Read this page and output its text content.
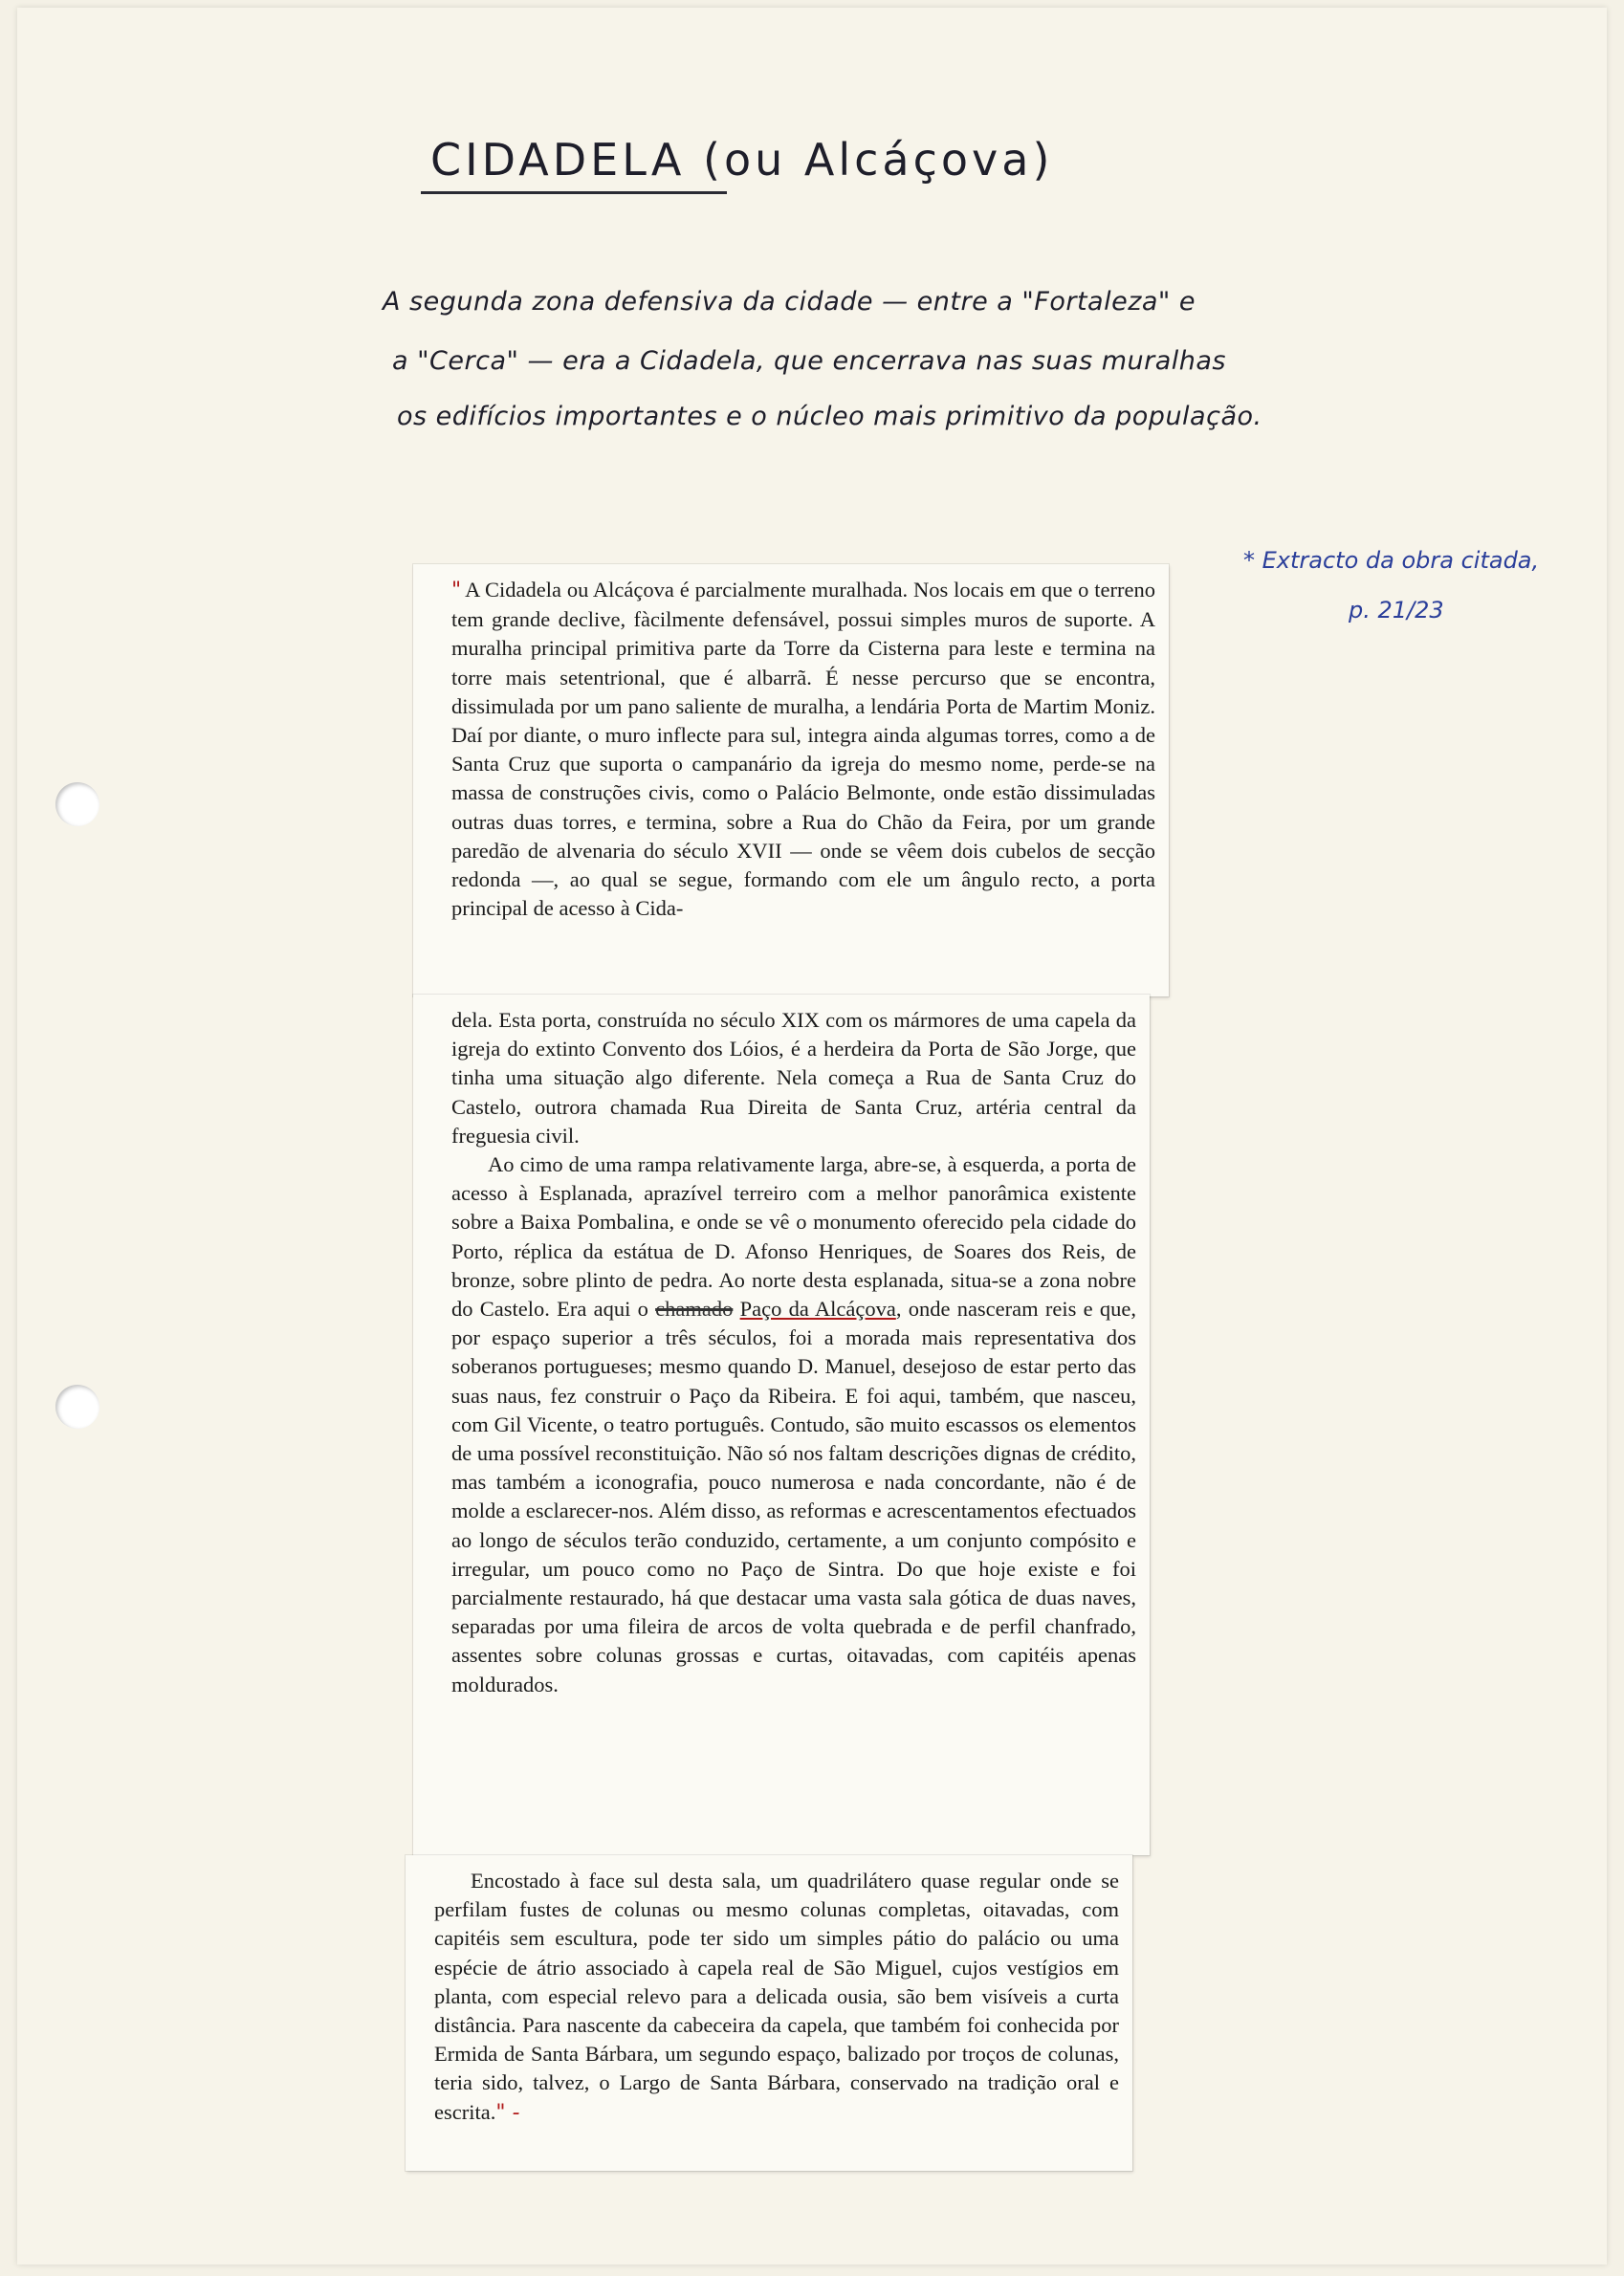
CIDADELA (ou Alcáçova)
A segunda zona defensiva da cidade — entre a "Fortaleza" e
a "Cerca" — era a Cidadela, que encerrava nas suas muralhas
os edifícios importantes e o núcleo mais primitivo da população.
* Extracto da obra citada,
p. 21/23

" A Cidadela ou Alcáçova é parcialmente muralhada. Nos locais em que o terreno tem grande declive, fàcilmente defensável, possui simples muros de suporte. A muralha principal primitiva parte da Torre da Cisterna para leste e termina na torre mais setentrional, que é albarrã. É nesse percurso que se encontra, dissimulada por um pano saliente de muralha, a lendária Porta de Martim Moniz. Daí por diante, o muro inflecte para sul, integra ainda algumas torres, como a de Santa Cruz que suporta o campanário da igreja do mesmo nome, perde-se na massa de construções civis, como o Palácio Belmonte, onde estão dissimuladas outras duas torres, e termina, sobre a Rua do Chão da Feira, por um grande paredão de alvenaria do século XVII — onde se vêem dois cubelos de secção redonda —, ao qual se segue, formando com ele um ângulo recto, a porta principal de acesso à Cida-

dela. Esta porta, construída no século XIX com os mármores de uma capela da igreja do extinto Convento dos Lóios, é a herdeira da Porta de São Jorge, que tinha uma situação algo diferente. Nela começa a Rua de Santa Cruz do Castelo, outrora chamada Rua Direita de Santa Cruz, artéria central da freguesia civil.

Ao cimo de uma rampa relativamente larga, abre-se, à esquerda, a porta de acesso à Esplanada, aprazível terreiro com a melhor panorâmica existente sobre a Baixa Pombalina, e onde se vê o monumento oferecido pela cidade do Porto, réplica da estátua de D. Afonso Henriques, de Soares dos Reis, de bronze, sobre plinto de pedra. Ao norte desta esplanada, situa-se a zona nobre do Castelo. Era aqui o chamado Paço da Alcáçova, onde nasceram reis e que, por espaço superior a três séculos, foi a morada mais representativa dos soberanos portugueses; mesmo quando D. Manuel, desejoso de estar perto das suas naus, fez construir o Paço da Ribeira. E foi aqui, também, que nasceu, com Gil Vicente, o teatro português. Contudo, são muito escassos os elementos de uma possível reconstituição. Não só nos faltam descrições dignas de crédito, mas também a iconografia, pouco numerosa e nada concordante, não é de molde a esclarecer-nos. Além disso, as reformas e acrescentamentos efectuados ao longo de séculos terão conduzido, certamente, a um conjunto compósito e irregular, um pouco como no Paço de Sintra. Do que hoje existe e foi parcialmente restaurado, há que destacar uma vasta sala gótica de duas naves, separadas por uma fileira de arcos de volta quebrada e de perfil chanfrado, assentes sobre colunas grossas e curtas, oitavadas, com capitéis apenas moldurados.

Encostado à face sul desta sala, um quadrilátero quase regular onde se perfilam fustes de colunas ou mesmo colunas completas, oitavadas, com capitéis sem escultura, pode ter sido um simples pátio do palácio ou uma espécie de átrio associado à capela real de São Miguel, cujos vestígios em planta, com especial relevo para a delicada ousia, são bem visíveis a curta distância. Para nascente da cabeceira da capela, que também foi conhecida por Ermida de Santa Bárbara, um segundo espaço, balizado por troços de colunas, teria sido, talvez, o Largo de Santa Bárbara, conservado na tradição oral e escrita." -
